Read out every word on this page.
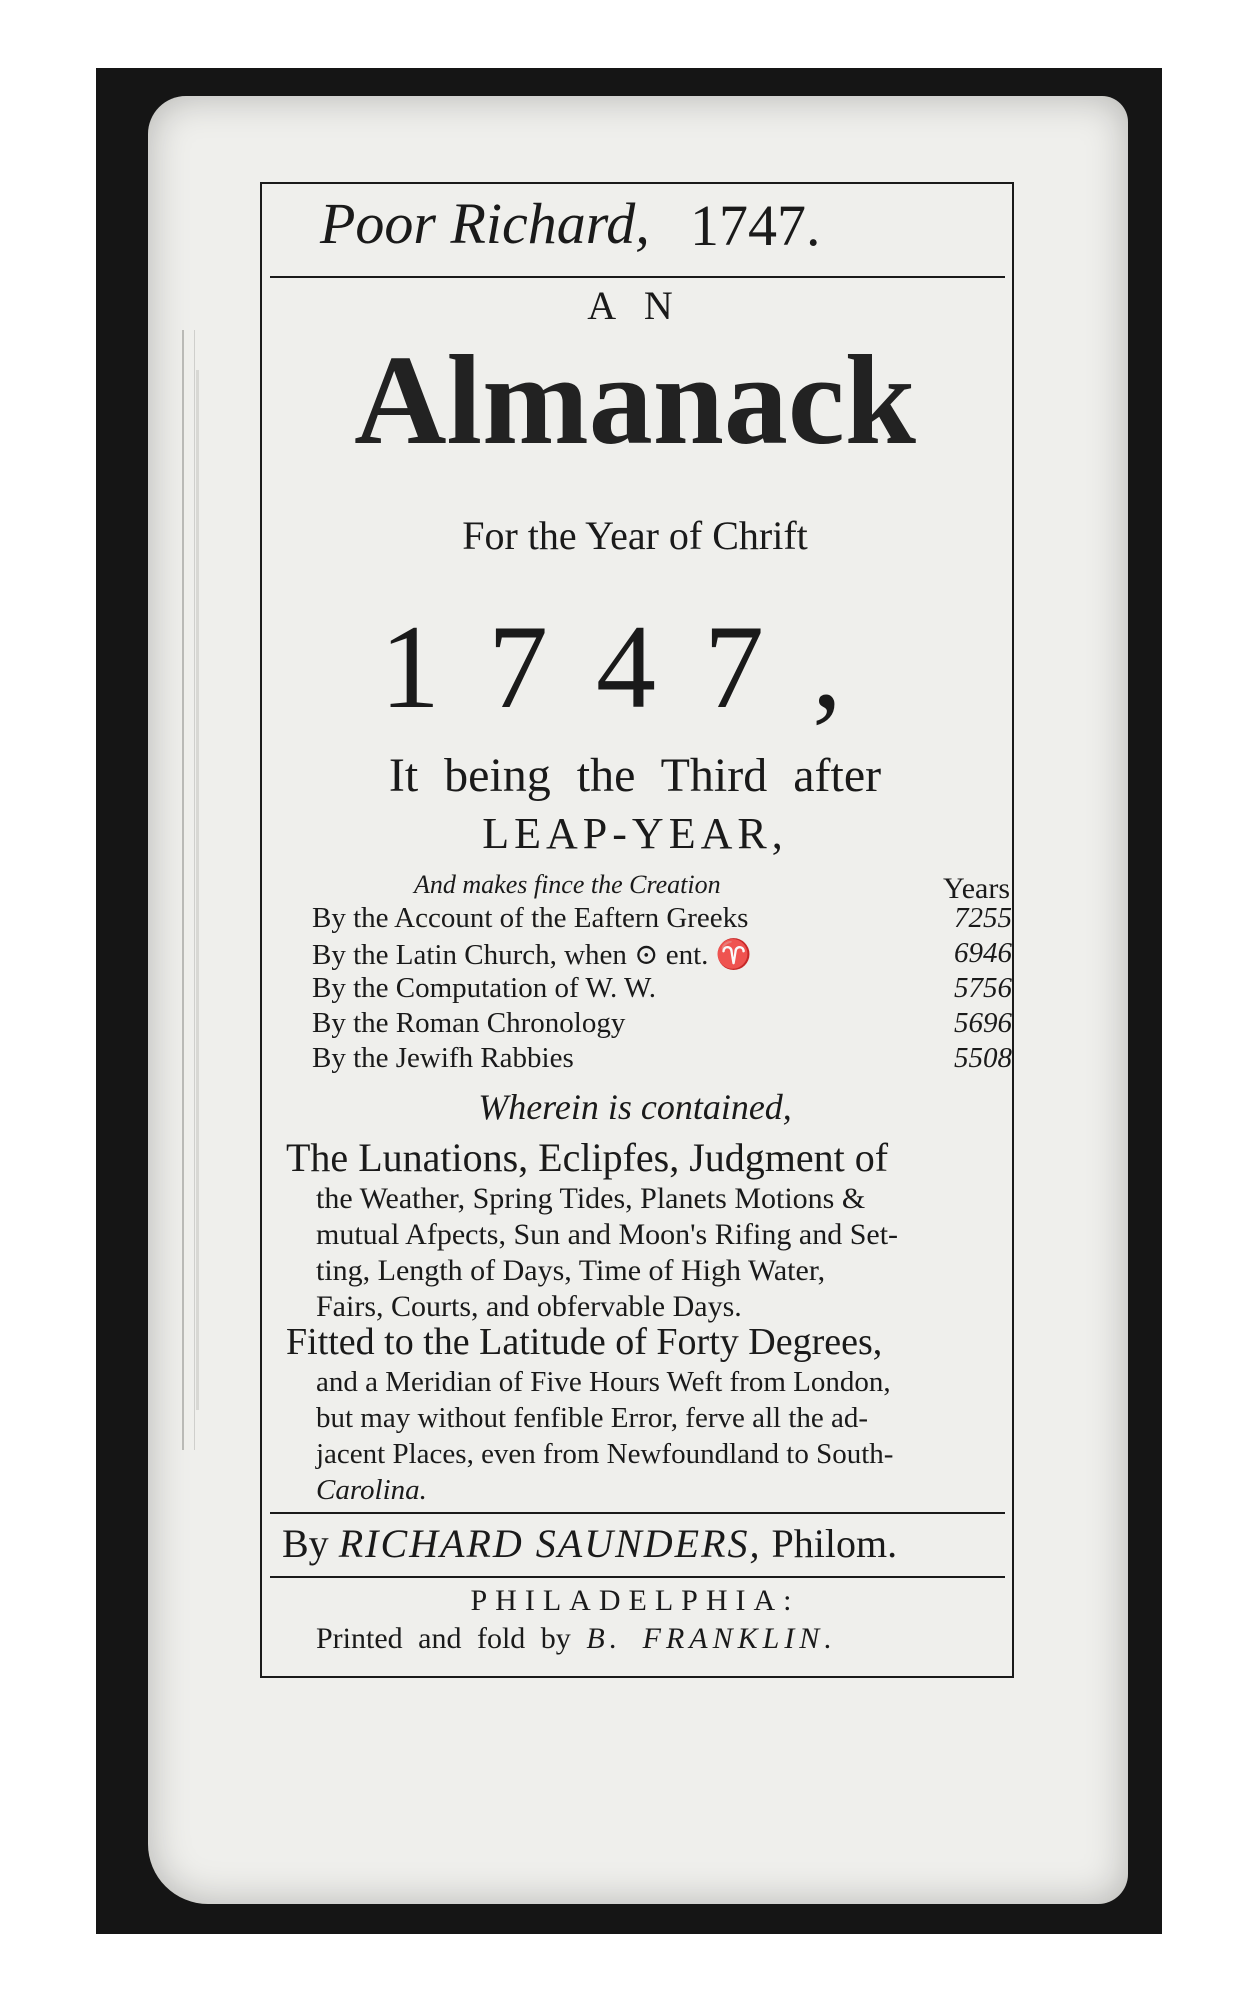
Poor Richard, 1747.
A N
Almanack
For the Year of Chrift
1747,
It being the Third after
LEAP-YEAR,
And makes fince the Creation	Years
By the Account of the Eaftern Greeks	7255
By the Latin Church, when ⊙ ent. ♈	6946
By the Computation of W. W.	5756
By the Roman Chronology	5696
By the Jewifh Rabbies	5508
Wherein is contained,
The Lunations, Eclipfes, Judgment of
the Weather, Spring Tides, Planets Motions &
mutual Afpects, Sun and Moon's Rifing and Set-
ting, Length of Days, Time of High Water,
Fairs, Courts, and obfervable Days.
Fitted to the Latitude of Forty Degrees,
and a Meridian of Five Hours Weft from London,
but may without fenfible Error, ferve all the ad-
jacent Places, even from Newfoundland to South-
Carolina.
By RICHARD SAUNDERS, Philom.
PHILADELPHIA:
Printed and fold by B. FRANKLIN.
